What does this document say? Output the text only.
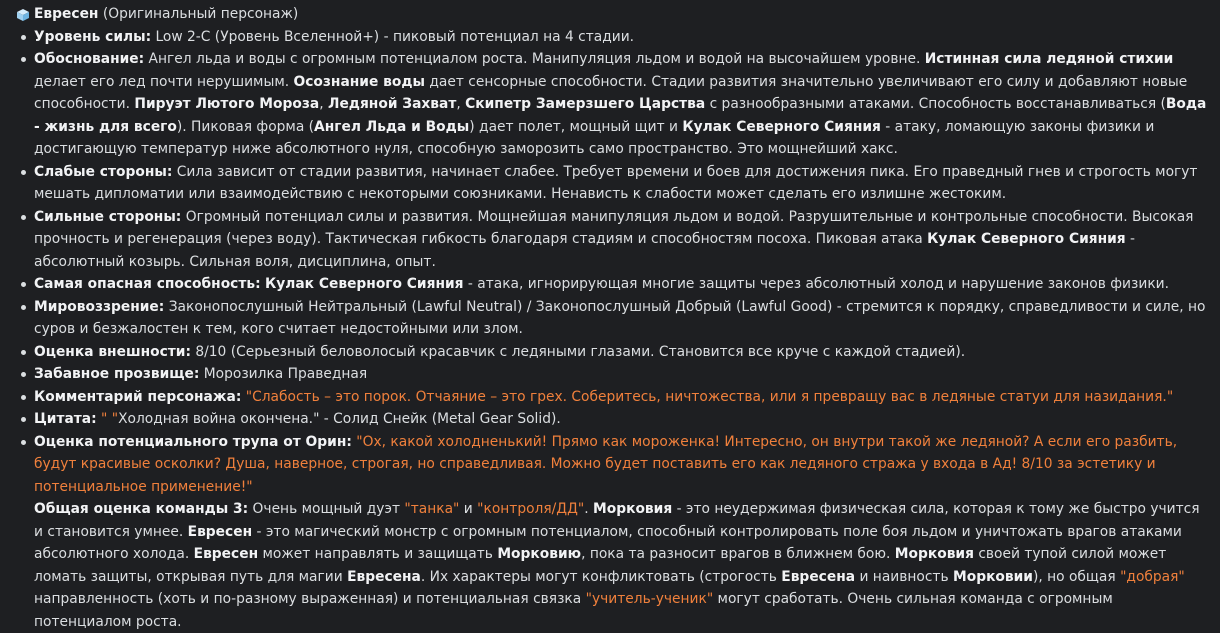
Евресен (Оригинальный персонаж)
Уровень силы: Low 2-C (Уровень Вселенной+) - пиковый потенциал на 4 стадии.
Обоснование: Ангел льда и воды с огромным потенциалом роста. Манипуляция льдом и водой на высочайшем уровне. Истинная сила ледяной стихии делает его лед почти нерушимым. Осознание воды дает сенсорные способности. Стадии развития значительно увеличивают его силу и добавляют новые способности. Пируэт Лютого Мороза, Ледяной Захват, Скипетр Замерзшего Царства с разнообразными атаками. Способность восстанавливаться (Вода - жизнь для всего). Пиковая форма (Ангел Льда и Воды) дает полет, мощный щит и Кулак Северного Сияния - атаку, ломающую законы физики и достигающую температур ниже абсолютного нуля, способную заморозить само пространство. Это мощнейший хакс.
Слабые стороны: Сила зависит от стадии развития, начинает слабее. Требует времени и боев для достижения пика. Его праведный гнев и строгость могут мешать дипломатии или взаимодействию с некоторыми союзниками. Ненависть к слабости может сделать его излишне жестоким.
Сильные стороны: Огромный потенциал силы и развития. Мощнейшая манипуляция льдом и водой. Разрушительные и контрольные способности. Высокая прочность и регенерация (через воду). Тактическая гибкость благодаря стадиям и способностям посоха. Пиковая атака Кулак Северного Сияния - абсолютный козырь. Сильная воля, дисциплина, опыт.
Самая опасная способность: Кулак Северного Сияния - атака, игнорирующая многие защиты через абсолютный холод и нарушение законов физики.
Мировоззрение: Законопослушный Нейтральный (Lawful Neutral) / Законопослушный Добрый (Lawful Good) - стремится к порядку, справедливости и силе, но суров и безжалостен к тем, кого считает недостойными или злом.
Оценка внешности: 8/10 (Серьезный беловолосый красавчик с ледяными глазами. Становится все круче с каждой стадией).
Забавное прозвище: Морозилка Праведная
Комментарий персонажа: "Слабость – это порок. Отчаяние – это грех. Соберитесь, ничтожества, или я превращу вас в ледяные статуи для назидания."
Цитата: " "Холодная война окончена." - Солид Снейк (Metal Gear Solid).
Оценка потенциального трупа от Орин: "Ох, какой холодненький! Прямо как мороженка! Интересно, он внутри такой же ледяной? А если его разбить, будут красивые осколки? Душа, наверное, строгая, но справедливая. Можно будет поставить его как ледяного стража у входа в Ад! 8/10 за эстетику и потенциальное применение!"
Общая оценка команды 3: Очень мощный дуэт "танка" и "контроля/ДД". Морковия - это неудержимая физическая сила, которая к тому же быстро учится и становится умнее. Евресен - это магический монстр с огромным потенциалом, способный контролировать поле боя льдом и уничтожать врагов атаками абсолютного холода. Евресен может направлять и защищать Морковию, пока та разносит врагов в ближнем бою. Морковия своей тупой силой может ломать защиты, открывая путь для магии Евресена. Их характеры могут конфликтовать (строгость Евресена и наивность Морковии), но общая "добрая" направленность (хоть и по-разному выраженная) и потенциальная связка "учитель-ученик" могут сработать. Очень сильная команда с огромным потенциалом роста.
